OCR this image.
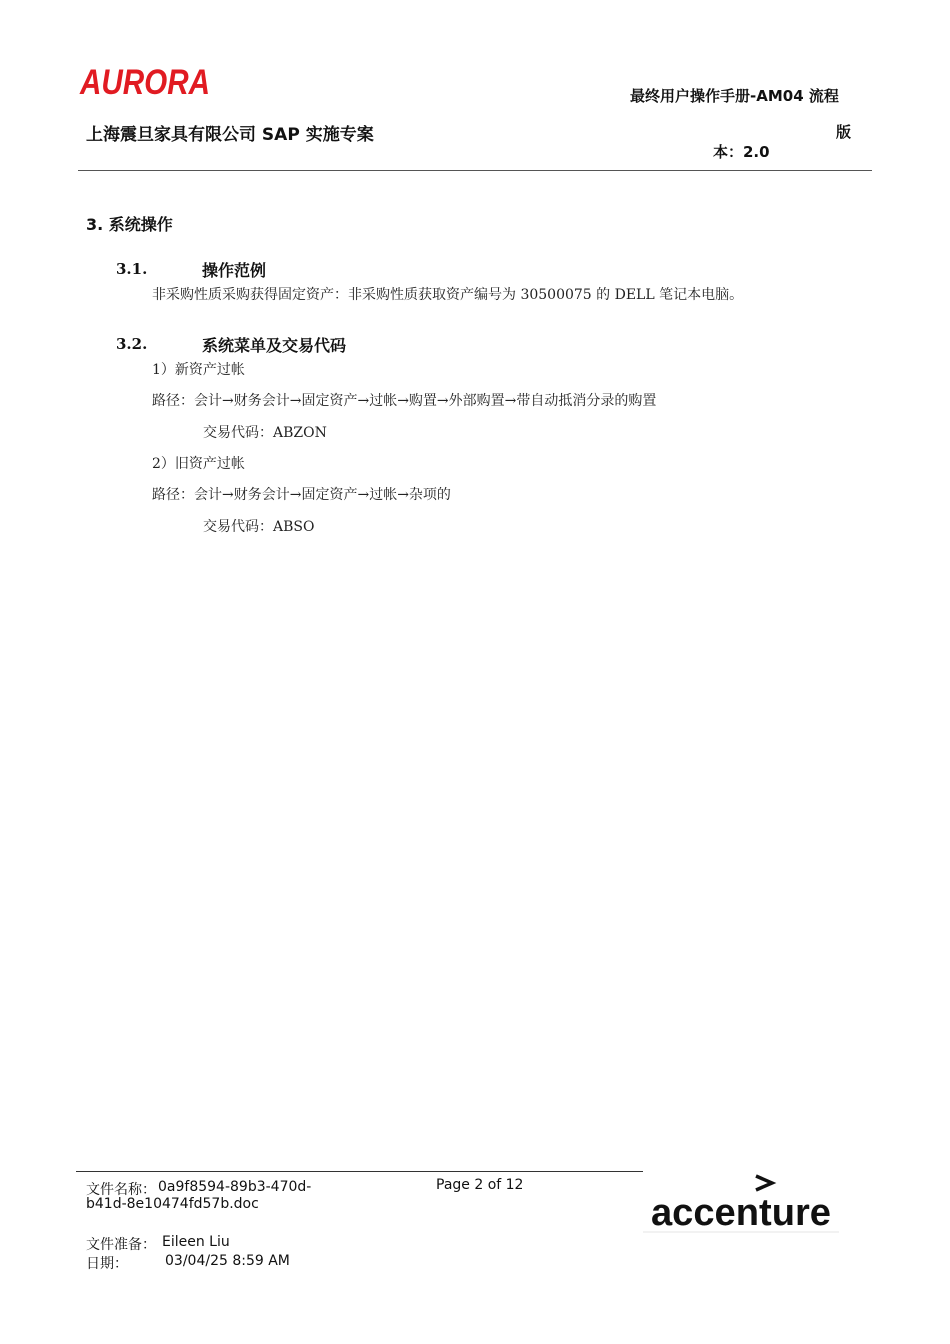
AURORA
上海震旦家具有限公司 SAP 实施专案
最终用户操作手册-AM04 流程
版
本：2.0
3. 系统操作
3.1.	操作范例
非采购性质采购获得固定资产：非采购性质获取资产编号为 30500075 的 DELL 笔记本电脑。
3.2.	系统菜单及交易代码
1）新资产过帐
路径：会计→财务会计→固定资产→过帐→购置→外部购置→带自动抵消分录的购置
交易代码：ABZON
2）旧资产过帐
路径：会计→财务会计→固定资产→过帐→杂项的
交易代码：ABSO
文件名称： 0a9f8594-89b3-470d-
b41d-8e10474fd57b.doc
Page 2 of 12
文件准备： Eileen Liu
日期：	03/04/25 8:59 AM
accenture
